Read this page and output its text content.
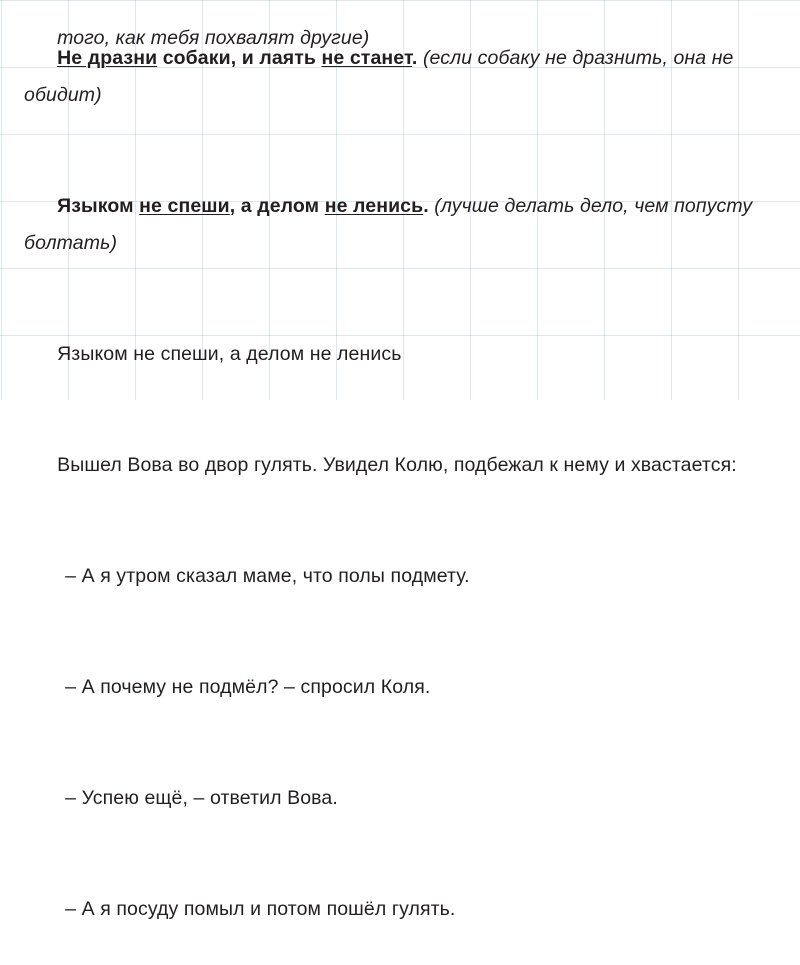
того, как тебя похвалят другие)

Не дразни собаки, и лаять не станет. (если собаку не дразнить, она не обидит)

Языком не спеши, а делом не ленись. (лучше делать дело, чем попусту болтать)

Языком не спеши, а делом не ленись

Вышел Вова во двор гулять. Увидел Колю, подбежал к нему и хвастается:

– А я утром сказал маме, что полы подмету.

– А почему не подмёл? – спросил Коля.

– Успею ещё, – ответил Вова.

– А я посуду помыл и потом пошёл гулять.
